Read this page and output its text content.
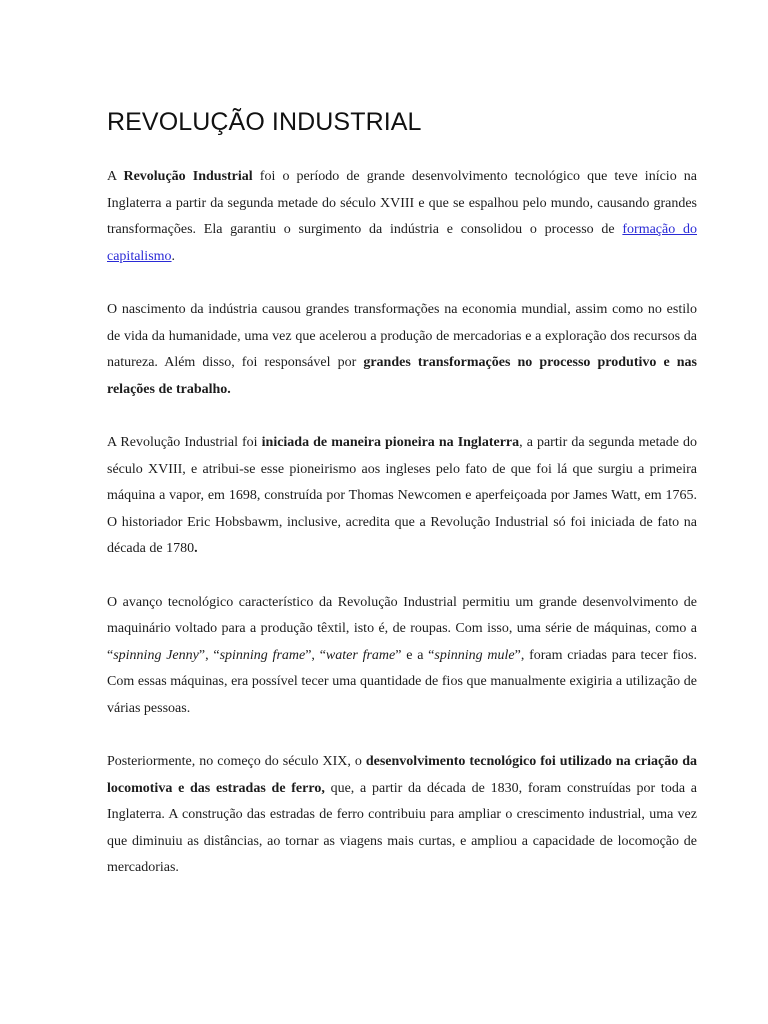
REVOLUÇÃO INDUSTRIAL

A Revolução Industrial foi o período de grande desenvolvimento tecnológico que teve início na Inglaterra a partir da segunda metade do século XVIII e que se espalhou pelo mundo, causando grandes transformações. Ela garantiu o surgimento da indústria e consolidou o processo de formação do capitalismo.

O nascimento da indústria causou grandes transformações na economia mundial, assim como no estilo de vida da humanidade, uma vez que acelerou a produção de mercadorias e a exploração dos recursos da natureza. Além disso, foi responsável por grandes transformações no processo produtivo e nas relações de trabalho.

A Revolução Industrial foi iniciada de maneira pioneira na Inglaterra, a partir da segunda metade do século XVIII, e atribui-se esse pioneirismo aos ingleses pelo fato de que foi lá que surgiu a primeira máquina a vapor, em 1698, construída por Thomas Newcomen e aperfeiçoada por James Watt, em 1765. O historiador Eric Hobsbawm, inclusive, acredita que a Revolução Industrial só foi iniciada de fato na década de 1780.

O avanço tecnológico característico da Revolução Industrial permitiu um grande desenvolvimento de maquinário voltado para a produção têxtil, isto é, de roupas. Com isso, uma série de máquinas, como a “spinning Jenny”, “spinning frame”, “water frame” e a “spinning mule”, foram criadas para tecer fios. Com essas máquinas, era possível tecer uma quantidade de fios que manualmente exigiria a utilização de várias pessoas.

Posteriormente, no começo do século XIX, o desenvolvimento tecnológico foi utilizado na criação da locomotiva e das estradas de ferro, que, a partir da década de 1830, foram construídas por toda a Inglaterra. A construção das estradas de ferro contribuiu para ampliar o crescimento industrial, uma vez que diminuiu as distâncias, ao tornar as viagens mais curtas, e ampliou a capacidade de locomoção de mercadorias.
